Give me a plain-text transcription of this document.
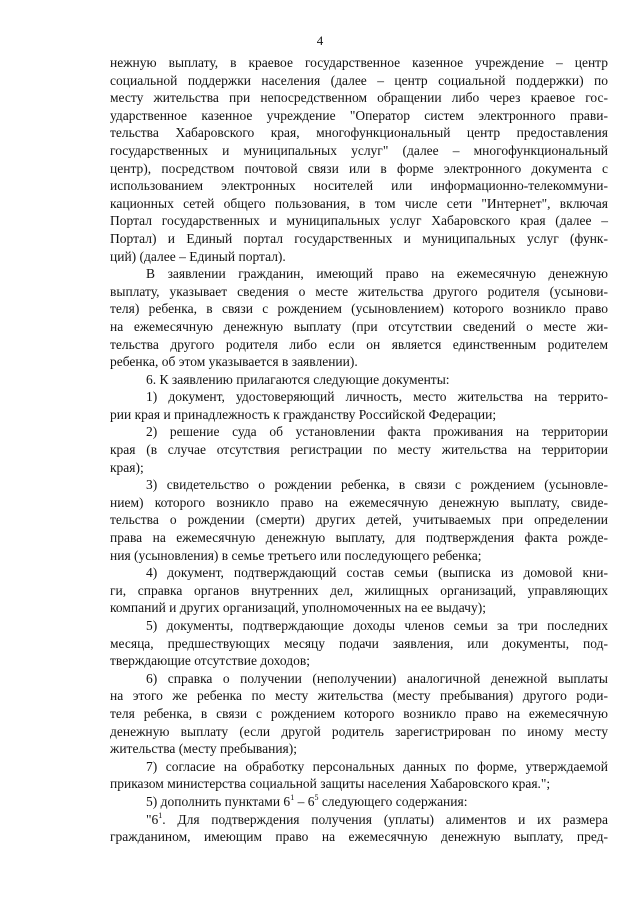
4
нежную выплату, в краевое государственное казенное учреждение – центр
социальной поддержки населения (далее – центр социальной поддержки) по
месту жительства при непосредственном обращении либо через краевое гос-
ударственное казенное учреждение "Оператор систем электронного прави-
тельства Хабаровского края, многофункциональный центр предоставления
государственных и муниципальных услуг" (далее – многофункциональный
центр), посредством почтовой связи или в форме электронного документа с
использованием электронных носителей или информационно-телекоммуни-
кационных сетей общего пользования, в том числе сети "Интернет", включая
Портал государственных и муниципальных услуг Хабаровского края (далее –
Портал) и Единый портал государственных и муниципальных услуг (функ-
ций) (далее – Единый портал).
В заявлении гражданин, имеющий право на ежемесячную денежную
выплату, указывает сведения о месте жительства другого родителя (усынови-
теля) ребенка, в связи с рождением (усыновлением) которого возникло право
на ежемесячную денежную выплату (при отсутствии сведений о месте жи-
тельства другого родителя либо если он является единственным родителем
ребенка, об этом указывается в заявлении).
6. К заявлению прилагаются следующие документы:
1) документ, удостоверяющий личность, место жительства на террито-
рии края и принадлежность к гражданству Российской Федерации;
2) решение суда об установлении факта проживания на территории
края (в случае отсутствия регистрации по месту жительства на территории
края);
3) свидетельство о рождении ребенка, в связи с рождением (усыновле-
нием) которого возникло право на ежемесячную денежную выплату, свиде-
тельства о рождении (смерти) других детей, учитываемых при определении
права на ежемесячную денежную выплату, для подтверждения факта рожде-
ния (усыновления) в семье третьего или последующего ребенка;
4) документ, подтверждающий состав семьи (выписка из домовой кни-
ги, справка органов внутренних дел, жилищных организаций, управляющих
компаний и других организаций, уполномоченных на ее выдачу);
5) документы, подтверждающие доходы членов семьи за три последних
месяца, предшествующих месяцу подачи заявления, или документы, под-
тверждающие отсутствие доходов;
6) справка о получении (неполучении) аналогичной денежной выплаты
на этого же ребенка по месту жительства (месту пребывания) другого роди-
теля ребенка, в связи с рождением которого возникло право на ежемесячную
денежную выплату (если другой родитель зарегистрирован по иному месту
жительства (месту пребывания);
7) согласие на обработку персональных данных по форме, утверждаемой
приказом министерства социальной защиты населения Хабаровского края.";
5) дополнить пунктами $6^1 - 6^5$ следующего содержания:
"$6^1$. Для подтверждения получения (уплаты) алиментов и их размера
гражданином, имеющим право на ежемесячную денежную выплату, пред-
